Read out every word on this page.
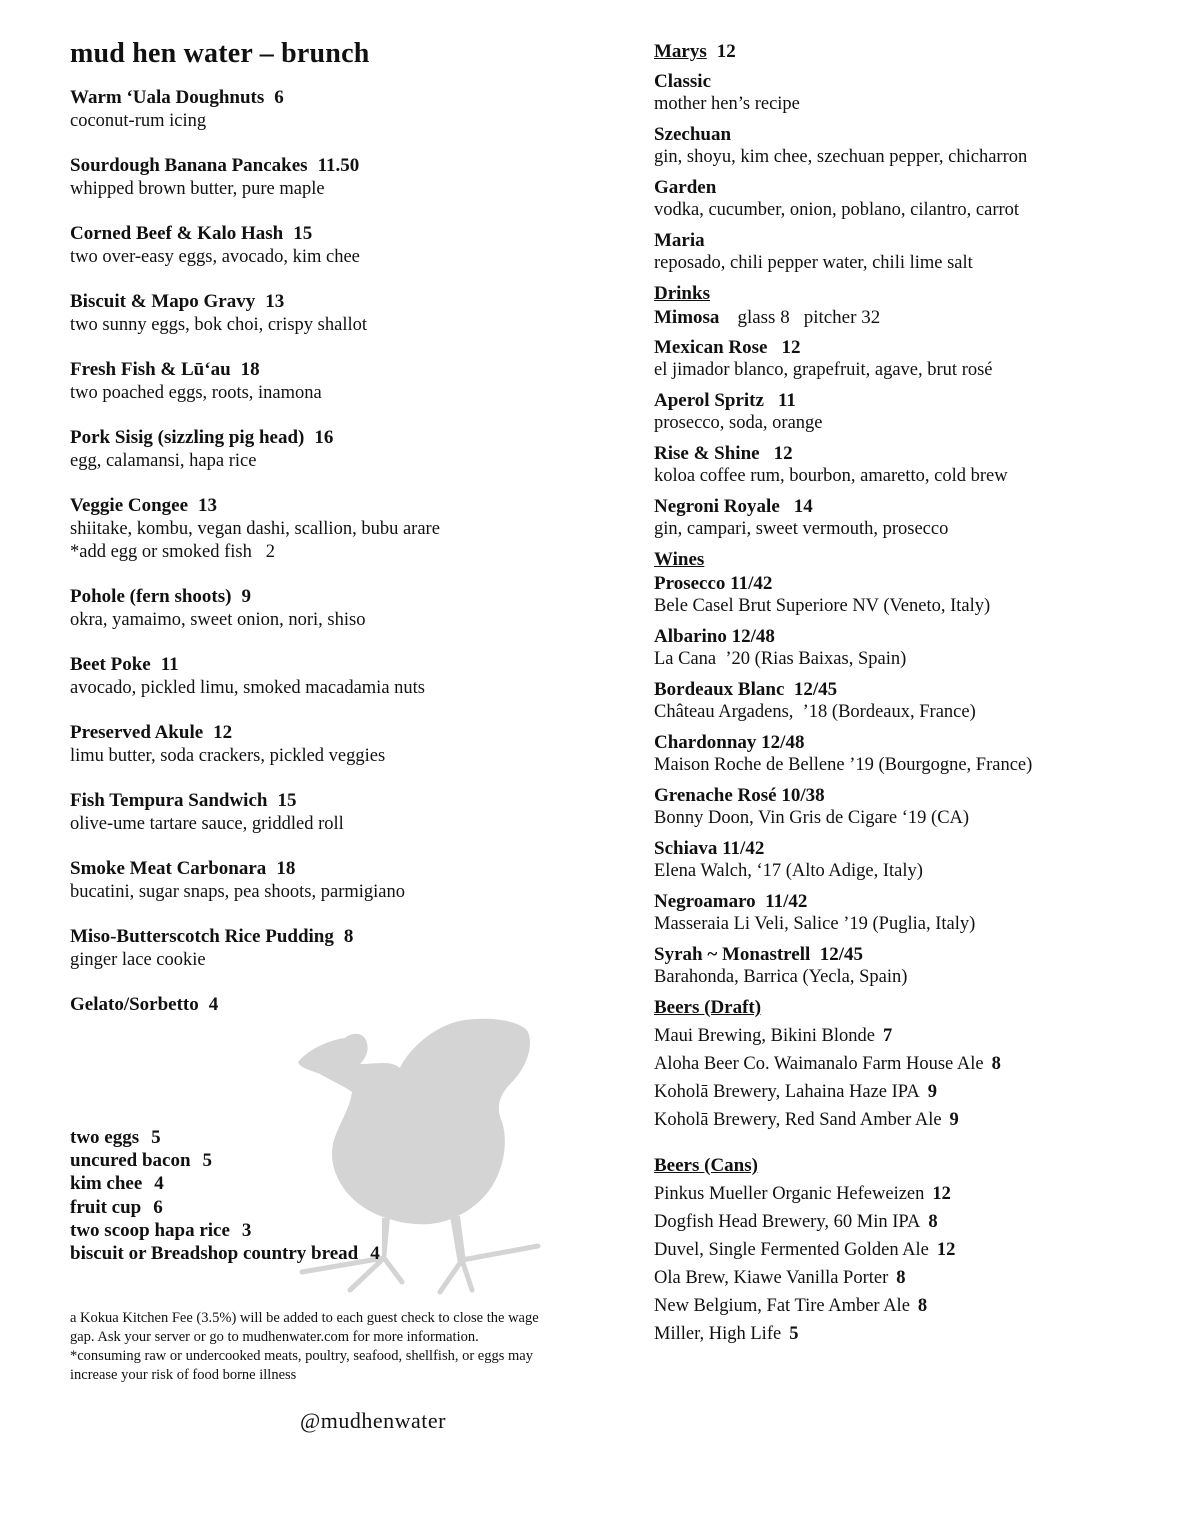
mud hen water – brunch
Warm ‘Uala Doughnuts 6
coconut-rum icing
Sourdough Banana Pancakes 11.50
whipped brown butter, pure maple
Corned Beef & Kalo Hash 15
two over-easy eggs, avocado, kim chee
Biscuit & Mapo Gravy 13
two sunny eggs, bok choi, crispy shallot
Fresh Fish & Lū‘au 18
two poached eggs, roots, inamona
Pork Sisig (sizzling pig head) 16
egg, calamansi, hapa rice
Veggie Congee 13
shiitake, kombu, vegan dashi, scallion, bubu arare
*add egg or smoked fish   2
Pohole (fern shoots) 9
okra, yamaimo, sweet onion, nori, shiso
Beet Poke 11
avocado, pickled limu, smoked macadamia nuts
Preserved Akule 12
limu butter, soda crackers, pickled veggies
Fish Tempura Sandwich 15
olive-ume tartare sauce, griddled roll
Smoke Meat Carbonara 18
bucatini, sugar snaps, pea shoots, parmigiano
Miso-Butterscotch Rice Pudding 8
ginger lace cookie
Gelato/Sorbetto 4
two eggs 5
uncured bacon 5
kim chee 4
fruit cup 6
two scoop hapa rice 3
biscuit or Breadshop country bread 4
a Kokua Kitchen Fee (3.5%) will be added to each guest check to close the wage gap. Ask your server or go to mudhenwater.com for more information.
*consuming raw or undercooked meats, poultry, seafood, shellfish, or eggs may increase your risk of food borne illness
@mudhenwater
Marys 12
Classic
mother hen’s recipe
Szechuan
gin, shoyu, kim chee, szechuan pepper, chicharron
Garden
vodka, cucumber, onion, poblano, cilantro, carrot
Maria
reposado, chili pepper water, chili lime salt
Drinks
Mimosa glass 8 pitcher 32
Mexican Rose 12
el jimador blanco, grapefruit, agave, brut rosé
Aperol Spritz 11
prosecco, soda, orange
Rise & Shine 12
koloa coffee rum, bourbon, amaretto, cold brew
Negroni Royale 14
gin, campari, sweet vermouth, prosecco
Wines
Prosecco 11/42
Bele Casel Brut Superiore NV (Veneto, Italy)
Albarino 12/48
La Cana  ’20 (Rias Baixas, Spain)
Bordeaux Blanc  12/45
Château Argadens,  ’18 (Bordeaux, France)
Chardonnay 12/48
Maison Roche de Bellene ’19 (Bourgogne, France)
Grenache Rosé 10/38
Bonny Doon, Vin Gris de Cigare ‘19 (CA)
Schiava 11/42
Elena Walch, ‘17 (Alto Adige, Italy)
Negroamaro  11/42
Masseraia Li Veli, Salice ’19 (Puglia, Italy)
Syrah ~ Monastrell  12/45
Barahonda, Barrica (Yecla, Spain)
Beers (Draft)
Maui Brewing, Bikini Blonde 7
Aloha Beer Co. Waimanalo Farm House Ale 8
Koholā Brewery, Lahaina Haze IPA 9
Koholā Brewery, Red Sand Amber Ale 9
Beers (Cans)
Pinkus Mueller Organic Hefeweizen 12
Dogfish Head Brewery, 60 Min IPA 8
Duvel, Single Fermented Golden Ale 12
Ola Brew, Kiawe Vanilla Porter 8
New Belgium, Fat Tire Amber Ale 8
Miller, High Life 5
